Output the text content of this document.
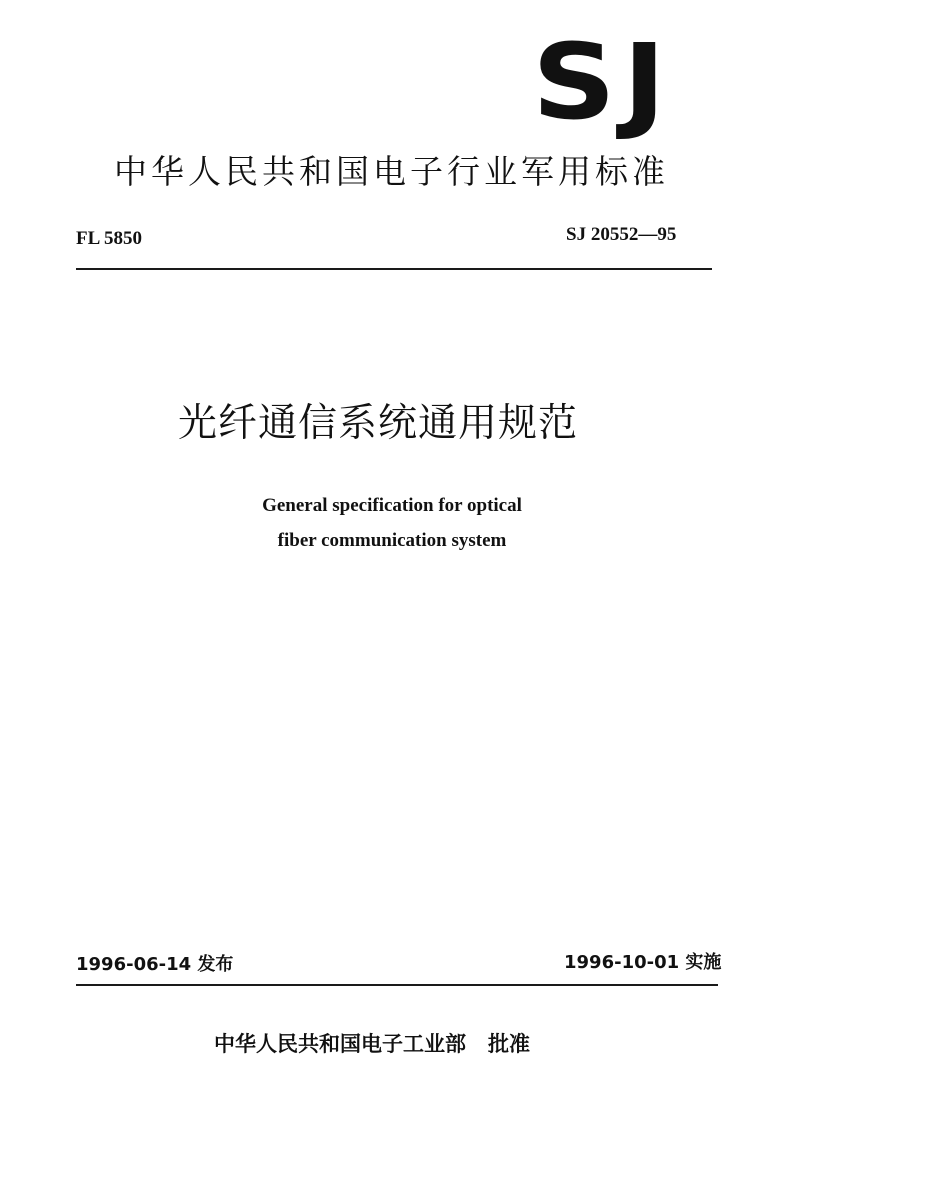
SJ
中华人民共和国电子行业军用标准
FL 5850	SJ 20552—95
光纤通信系统通用规范
General specification for optical
fiber communication system
1996-06-14 发布	1996-10-01 实施
中华人民共和国电子工业部 批准
